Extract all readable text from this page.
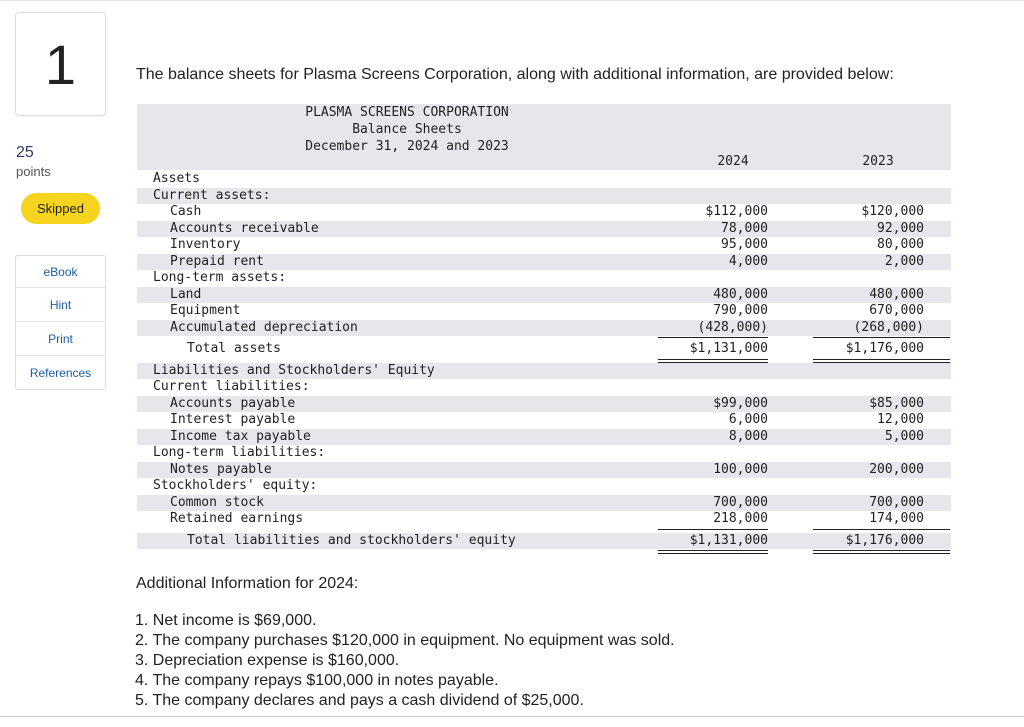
1
25
points
Skipped
eBook
Hint
Print
References
The balance sheets for Plasma Screens Corporation, along with additional information, are provided below:
PLASMA SCREENS CORPORATION
Balance Sheets
December 31, 2024 and 2023
2024	2023
Assets
Current assets:
Cash	$112,000	$120,000
Accounts receivable	78,000	92,000
Inventory	95,000	80,000
Prepaid rent	4,000	2,000
Long-term assets:
Land	480,000	480,000
Equipment	790,000	670,000
Accumulated depreciation	(428,000)	(268,000)
Total assets	$1,131,000	$1,176,000
Liabilities and Stockholders' Equity
Current liabilities:
Accounts payable	$99,000	$85,000
Interest payable	6,000	12,000
Income tax payable	8,000	5,000
Long-term liabilities:
Notes payable	100,000	200,000
Stockholders' equity:
Common stock	700,000	700,000
Retained earnings	218,000	174,000
Total liabilities and stockholders' equity	$1,131,000	$1,176,000
Additional Information for 2024:
1. Net income is $69,000.
2. The company purchases $120,000 in equipment. No equipment was sold.
3. Depreciation expense is $160,000.
4. The company repays $100,000 in notes payable.
5. The company declares and pays a cash dividend of $25,000.
